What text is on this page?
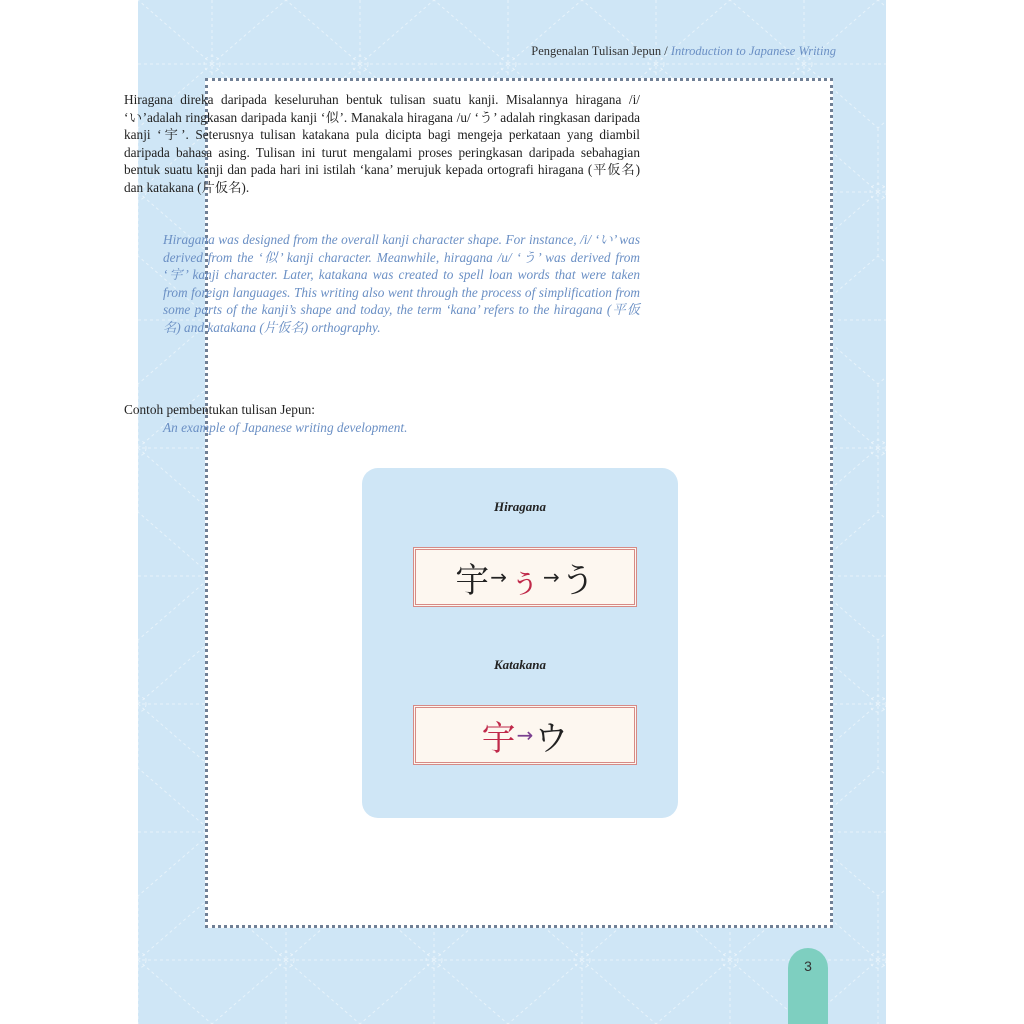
Pengenalan Tulisan Jepun / Introduction to Japanese Writing
3
Hiragana direka daripada keseluruhan bentuk tulisan suatu kanji. Misalannya hiragana /i/ ‘い’adalah ringkasan daripada kanji ‘似’. Manakala hiragana /u/ ‘う’ adalah ringkasan daripada kanji ‘宇’. Seterusnya tulisan katakana pula dicipta bagi mengeja perkataan yang diambil daripada bahasa asing. Tulisan ini turut mengalami proses peringkasan daripada sebahagian bentuk suatu kanji dan pada hari ini istilah ‘kana’ merujuk kepada ortografi hiragana (平仮名) dan katakana (片仮名).
Hiragana was designed from the overall kanji character shape. For instance, /i/ ‘い’ was derived from the ‘似’ kanji character. Meanwhile, hiragana /u/ ‘う’ was derived from ‘宇’ kanji character. Later, katakana was created to spell loan words that were taken from foreign languages. This writing also went through the process of simplification from some parts of the kanji’s shape and today, the term ‘kana’ refers to the hiragana (平仮名) and katakana (片仮名) orthography.
Contoh pembentukan tulisan Jepun:
An example of Japanese writing development.
Hiragana
宇 → ぅ → う
Katakana
宇 → ウ
